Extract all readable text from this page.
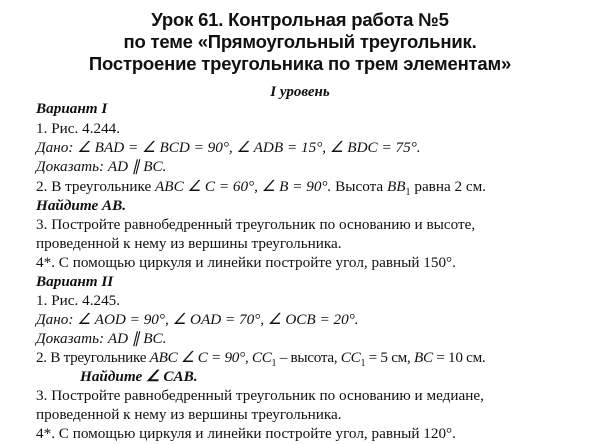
Урок 61. Контрольная работа №5
по теме «Прямоугольный треугольник.
Построение треугольника по трем элементам»
I уровень
Вариант I
1. Рис. 4.244.
Дано: ∠ BAD = ∠ BCD = 90°, ∠ ADB = 15°, ∠ BDC = 75°.
Доказать: AD ∥ BC.
2. В треугольнике ABC ∠ C = 60°, ∠ B = 90°. Высота $BB_1$ равна 2 см.
Найдите AB.
3. Постройте равнобедренный треугольник по основанию и высоте,
проведенной к нему из вершины треугольника.
4*. С помощью циркуля и линейки постройте угол, равный 150°.
Вариант II
1. Рис. 4.245.
Дано: ∠ AOD = 90°, ∠ OAD = 70°, ∠ OCB = 20°.
Доказать: AD ∥ BC.
2. В треугольнике ABC ∠ C = 90°, $CC_1$ – высота, $CC_1 = 5$ см, BC = 10 см.
Найдите ∠ CAB.
3. Постройте равнобедренный треугольник по основанию и медиане,
проведенной к нему из вершины треугольника.
4*. С помощью циркуля и линейки постройте угол, равный 120°.
